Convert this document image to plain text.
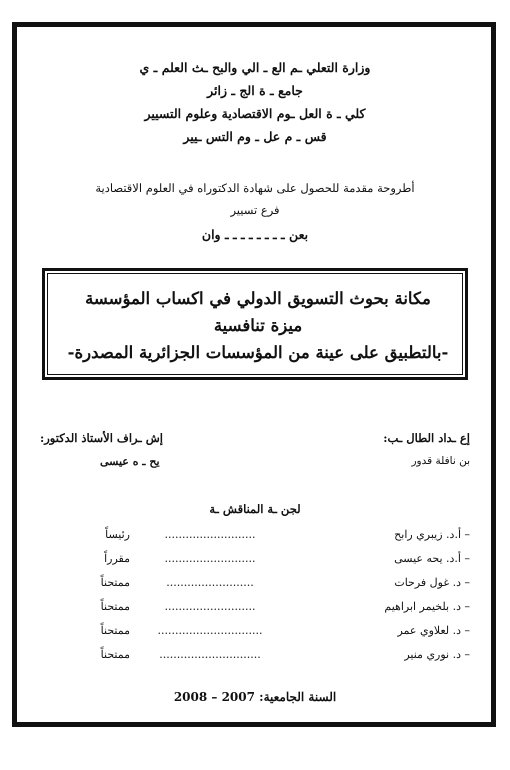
وزارة التعلي ـم الع ـ الي والبح ـث العلم ـ ي
جامع ـ ة الج ـ زائر
كلي ـ ة العل ـوم الاقتصادية وعلوم التسيير
قس ـ م عل ـ وم التس ـيير
أطروحة مقدمة للحصول على شهادة الدكتوراه في العلوم الاقتصادية
فرع تسيير
بعن ـ ـ ـ ـ ـ ـ ـ ـ وان
مكانة بحوث التسويق الدولي في اكساب المؤسسة
ميزة تنافسية
-بالتطبيق على عينة من المؤسسات الجزائرية المصدرة-
إع ـداد الطال ـب:
إش ـراف الأستاذ الدكتور:
بن نافلة قدور
يح ـ ه عيسى
لجن ـة المناقش ـة
– أ.د. زيبري رابح
..........................
رئيساً
– أ.د. يحه عيسى
..........................
مقرراً
– د. غول فرحات
.........................
ممتحناً
– د. بلخيمر ابراهيم
..........................
ممتحناً
– د. لعلاوي عمر
..............................
ممتحناً
– د. نوري منير
.............................
ممتحناً
السنة الجامعية: 2007 – 2008
